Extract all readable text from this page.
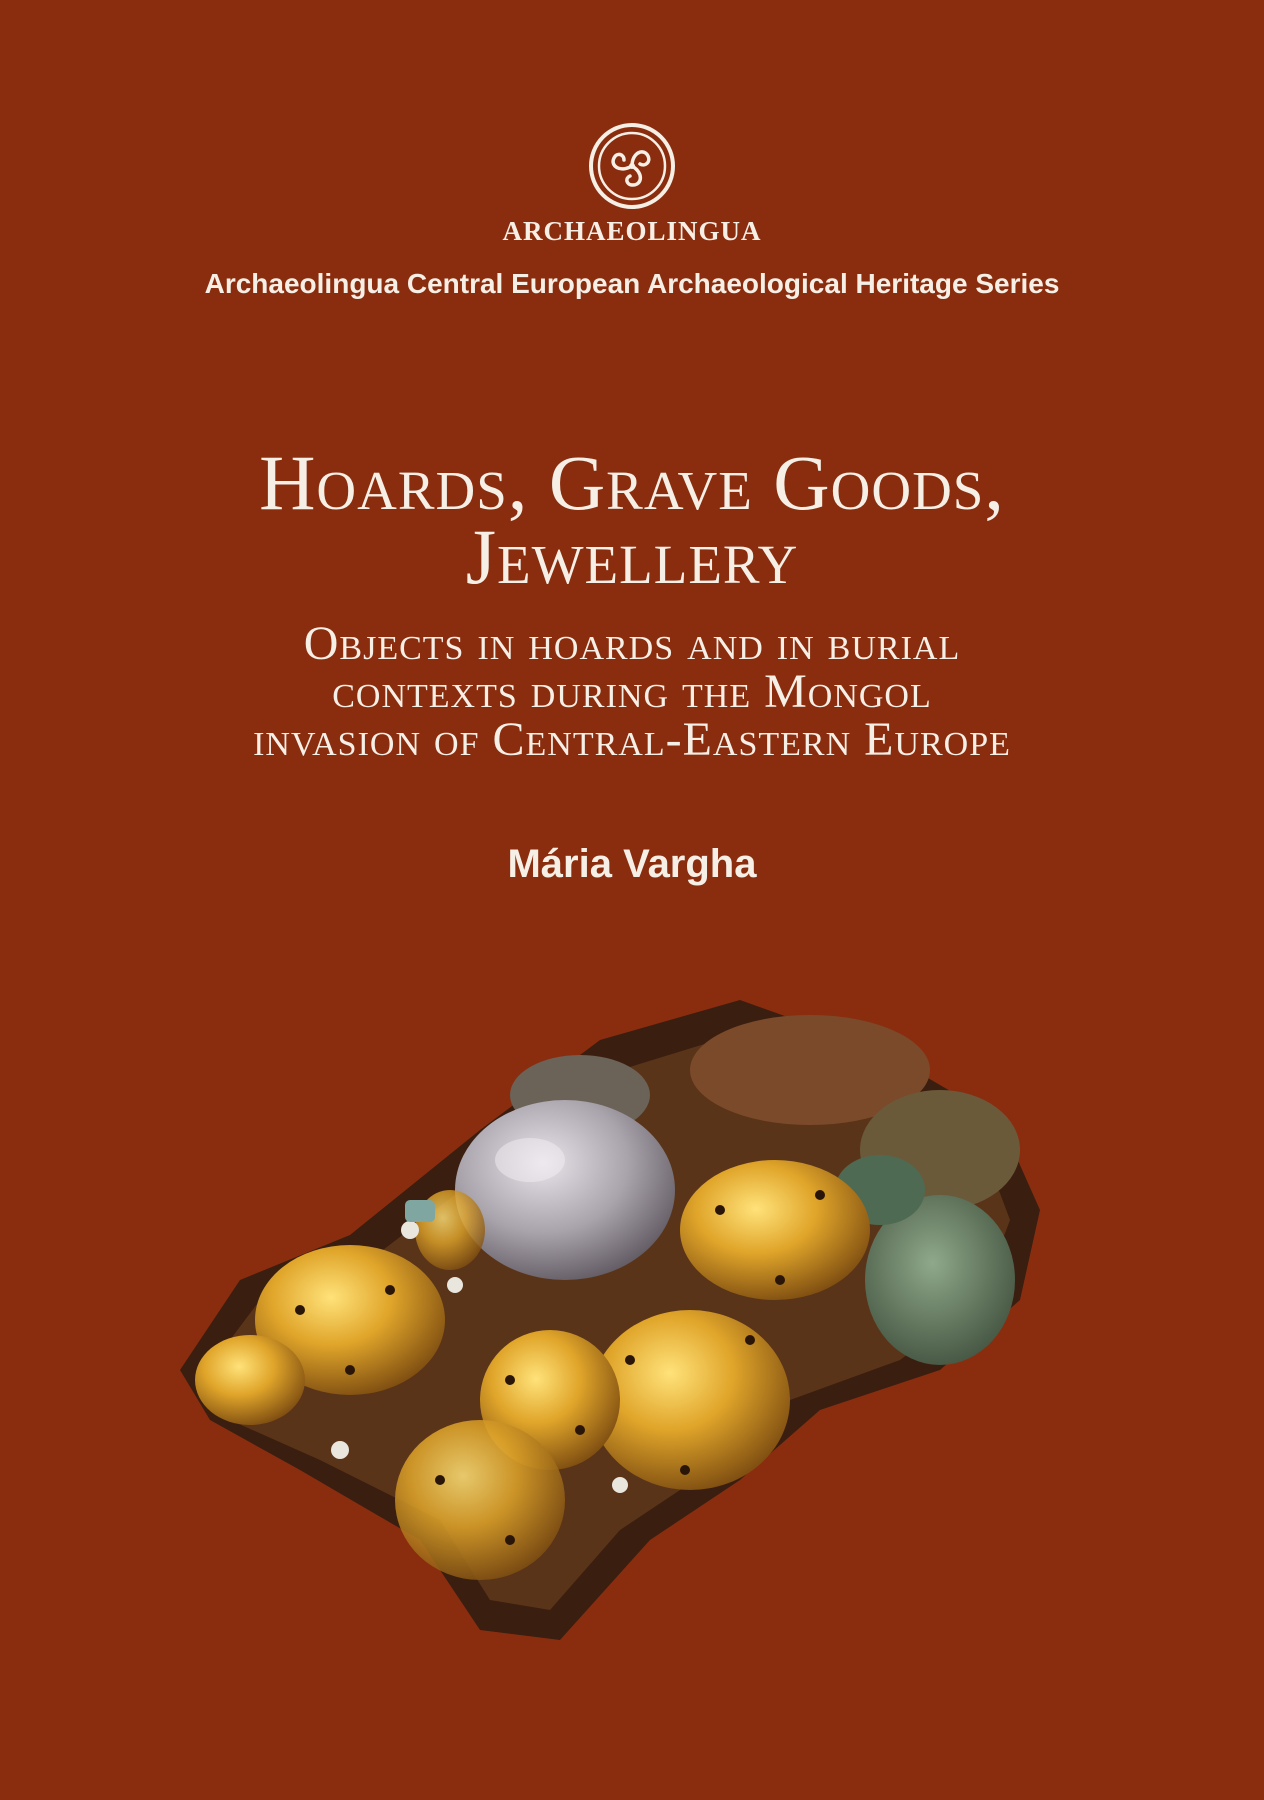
ARCHAEOLINGUA
Archaeolingua Central European Archaeological Heritage Series
Hoards, Grave Goods,
Jewellery
Objects in hoards and in burial
contexts during the Mongol
invasion of Central-Eastern Europe
Mária Vargha
